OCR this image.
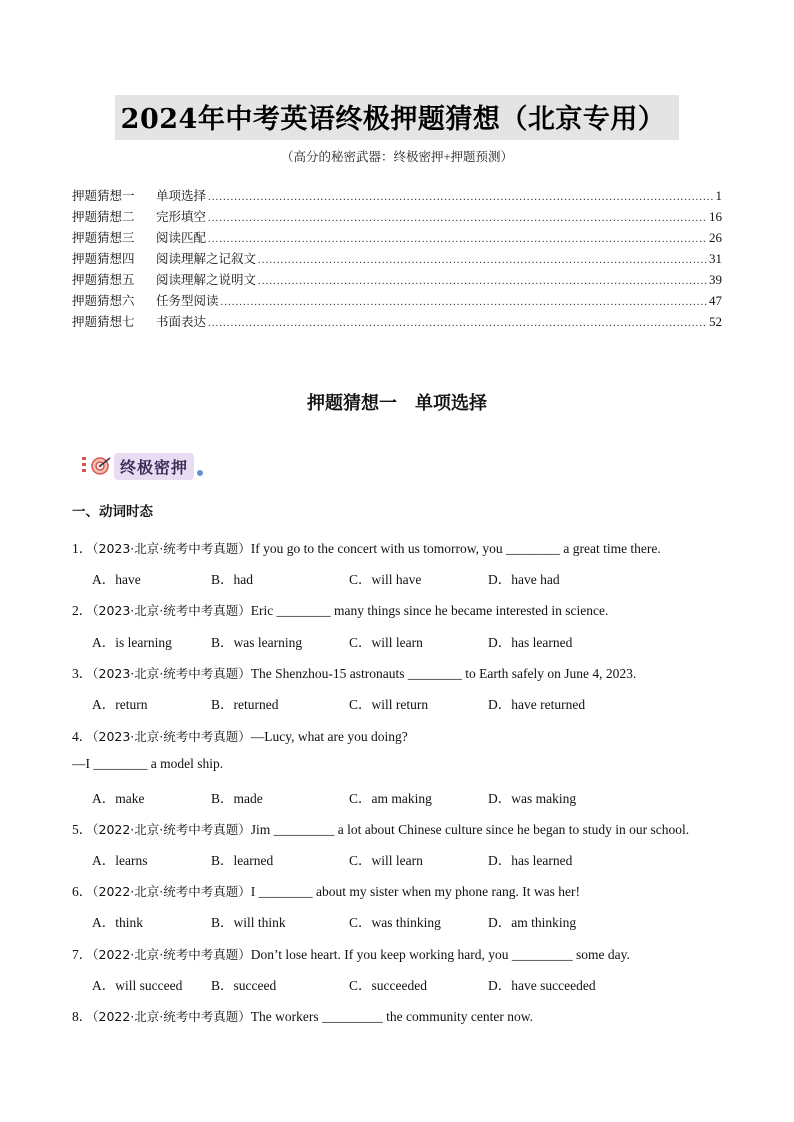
2024年中考英语终极押题猜想（北京专用）
（高分的秘密武器：终极密押+押题预测）
押题猜想一	单项选择 .....	1
押题猜想二	完形填空 .....	16
押题猜想三	阅读匹配 .....	26
押题猜想四	阅读理解之记叙文 .....	31
押题猜想五	阅读理解之说明文 .....	39
押题猜想六	任务型阅读 .....	47
押题猜想七	书面表达 .....	52
押题猜想一　单项选择
终极密押
一、动词时态
1．（2023·北京·统考中考真题）If you go to the concert with us tomorrow, you ________ a great time there.
A．have	B．had	C．will have	D．have had
2．（2023·北京·统考中考真题）Eric ________ many things since he became interested in science.
A．is learning	B．was learning	C．will learn	D．has learned
3．（2023·北京·统考中考真题）The Shenzhou-15 astronauts ________ to Earth safely on June 4, 2023.
A．return	B．returned	C．will return	D．have returned
4．（2023·北京·统考中考真题）—Lucy, what are you doing?
—I ________ a model ship.
A．make	B．made	C．am making	D．was making
5．（2022·北京·统考中考真题）Jim _________ a lot about Chinese culture since he began to study in our school.
A．learns	B．learned	C．will learn	D．has learned
6．（2022·北京·统考中考真题）I ________ about my sister when my phone rang. It was her!
A．think	B．will think	C．was thinking	D．am thinking
7．（2022·北京·统考中考真题）Don’t lose heart. If you keep working hard, you _________ some day.
A．will succeed B．succeed	C．succeeded	D．have succeeded
8．（2022·北京·统考中考真题）The workers _________ the community center now.
